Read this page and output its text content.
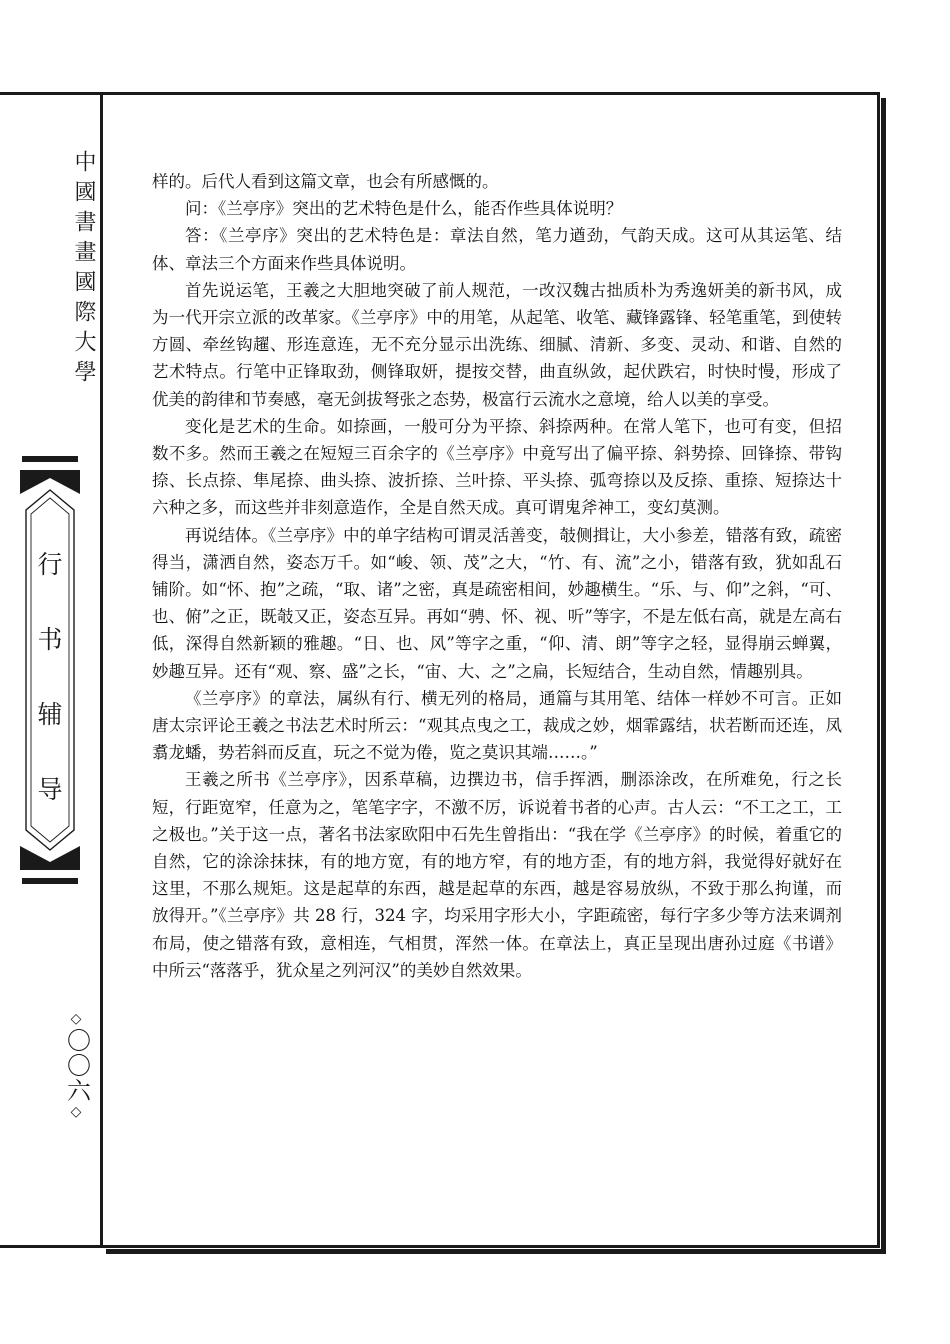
中國書畫國際大學
行
书
辅
导
◇
〇〇六
◇

样的。后代人看到这篇文章，也会有所感慨的。

问：《兰亭序》突出的艺术特色是什么，能否作些具体说明？

答：《兰亭序》突出的艺术特色是：章法自然，笔力遒劲，气韵天成。这可从其运笔、结体、章法三个方面来作些具体说明。

首先说运笔，王羲之大胆地突破了前人规范，一改汉魏古拙质朴为秀逸妍美的新书风，成为一代开宗立派的改革家。《兰亭序》中的用笔，从起笔、收笔、藏锋露锋、轻笔重笔，到使转方圆、牵丝钩趯、形连意连，无不充分显示出洗练、细腻、清新、多变、灵动、和谐、自然的艺术特点。行笔中正锋取劲，侧锋取妍，提按交替，曲直纵敛，起伏跌宕，时快时慢，形成了优美的韵律和节奏感，毫无剑拔弩张之态势，极富行云流水之意境，给人以美的享受。

变化是艺术的生命。如捺画，一般可分为平捺、斜捺两种。在常人笔下，也可有变，但招数不多。然而王羲之在短短三百余字的《兰亭序》中竟写出了偏平捺、斜势捺、回锋捺、带钩捺、长点捺、隼尾捺、曲头捺、波折捺、兰叶捺、平头捺、弧弯捺以及反捺、重捺、短捺达十六种之多，而这些并非刻意造作，全是自然天成。真可谓鬼斧神工，变幻莫测。

再说结体。《兰亭序》中的单字结构可谓灵活善变，攲侧揖让，大小参差，错落有致，疏密得当，潇洒自然，姿态万千。如“峻、领、茂”之大，“竹、有、流”之小，错落有致，犹如乱石铺阶。如“怀、抱”之疏，“取、诸”之密，真是疏密相间，妙趣横生。“乐、与、仰”之斜，“可、也、俯”之正，既攲又正，姿态互异。再如“骋、怀、视、听”等字，不是左低右高，就是左高右低，深得自然新颖的雅趣。“日、也、风”等字之重，“仰、清、朗”等字之轻，显得崩云蝉翼，妙趣互异。还有“观、察、盛”之长，“宙、大、之”之扁，长短结合，生动自然，情趣别具。

《兰亭序》的章法，属纵有行、横无列的格局，通篇与其用笔、结体一样妙不可言。正如唐太宗评论王羲之书法艺术时所云：“观其点曳之工，裁成之妙，烟霏露结，状若断而还连，凤翥龙蟠，势若斜而反直，玩之不觉为倦，览之莫识其端……。”

王羲之所书《兰亭序》，因系草稿，边撰边书，信手挥洒，删添涂改，在所难免，行之长短，行距宽窄，任意为之，笔笔字字，不激不厉，诉说着书者的心声。古人云：“不工之工，工之极也。”关于这一点，著名书法家欧阳中石先生曾指出：“我在学《兰亭序》的时候，着重它的自然，它的涂涂抹抹，有的地方宽，有的地方窄，有的地方歪，有的地方斜，我觉得好就好在这里，不那么规矩。这是起草的东西，越是起草的东西，越是容易放纵，不致于那么拘谨，而放得开。”《兰亭序》共 28 行，324 字，均采用字形大小，字距疏密，每行字多少等方法来调剂布局，使之错落有致，意相连，气相贯，浑然一体。在章法上，真正呈现出唐孙过庭《书谱》中所云“落落乎，犹众星之列河汉”的美妙自然效果。
